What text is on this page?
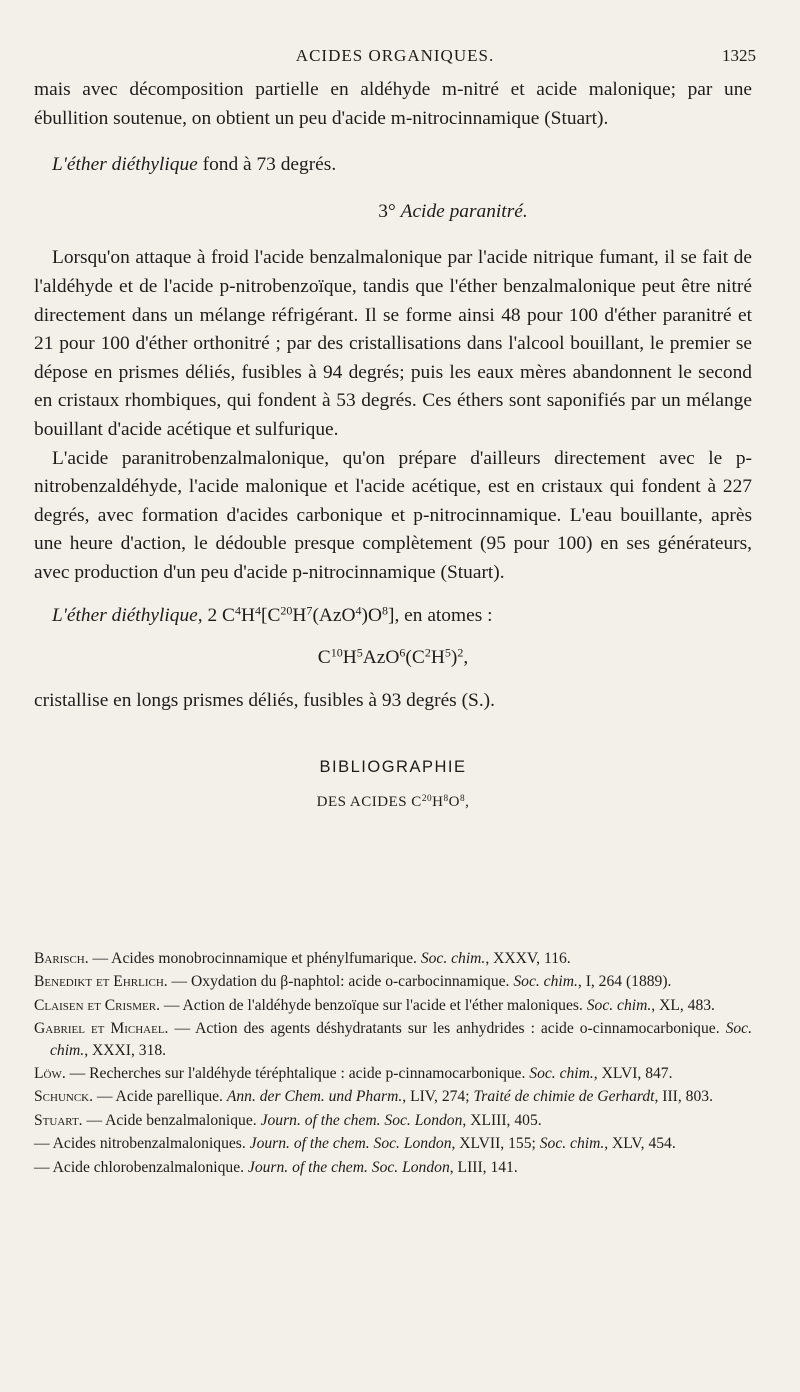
ACIDES ORGANIQUES.	1325

mais avec décomposition partielle en aldéhyde m-nitré et acide malonique; par une ébullition soutenue, on obtient un peu d'acide m-nitrocinnamique (Stuart).

L'éther diéthylique fond à 73 degrés.

3° Acide paranitré.

Lorsqu'on attaque à froid l'acide benzalmalonique par l'acide nitrique fumant, il se fait de l'aldéhyde et de l'acide p-nitrobenzoïque, tandis que l'éther benzalmalonique peut être nitré directement dans un mélange réfrigérant. Il se forme ainsi 48 pour 100 d'éther paranitré et 21 pour 100 d'éther orthonitré ; par des cristallisations dans l'alcool bouillant, le premier se dépose en prismes déliés, fusibles à 94 degrés; puis les eaux mères abandonnent le second en cristaux rhombiques, qui fondent à 53 degrés. Ces éthers sont saponifiés par un mélange bouillant d'acide acétique et sulfurique.

L'acide paranitrobenzalmalonique, qu'on prépare d'ailleurs directement avec le p-nitrobenzaldéhyde, l'acide malonique et l'acide acétique, est en cristaux qui fondent à 227 degrés, avec formation d'acides carbonique et p-nitrocinnamique. L'eau bouillante, après une heure d'action, le dédouble presque complètement (95 pour 100) en ses générateurs, avec production d'un peu d'acide p-nitrocinnamique (Stuart).

L'éther diéthylique, 2 $C^4H^4[C^{20}H^7(AzO^4)O^8]$, en atomes :

$C^{10}H^5AzO^6(C^2H^5)^2$,

cristallise en longs prismes déliés, fusibles à 93 degrés (S.).

BIBLIOGRAPHIE
DES ACIDES $C^{20}H^8O^8$,

Barisch. — Acides monobrocinnamique et phénylfumarique. Soc. chim., XXXV, 116.

Benedikt et Ehrlich. — Oxydation du β-naphtol: acide o-carbocinnamique. Soc. chim., I, 264 (1889).

Claisen et Crismer. — Action de l'aldéhyde benzoïque sur l'acide et l'éther maloniques. Soc. chim., XL, 483.

Gabriel et Michael. — Action des agents déshydratants sur les anhydrides : acide o-cinnamocarbonique. Soc. chim., XXXI, 318.

Löw. — Recherches sur l'aldéhyde téréphtalique : acide p-cinnamocarbonique. Soc. chim., XLVI, 847.

Schunck. — Acide parellique. Ann. der Chem. und Pharm., LIV, 274; Traité de chimie de Gerhardt, III, 803.

Stuart. — Acide benzalmalonique. Journ. of the chem. Soc. London, XLIII, 405.

— Acides nitrobenzalmaloniques. Journ. of the chem. Soc. London, XLVII, 155; Soc. chim., XLV, 454.

— Acide chlorobenzalmalonique. Journ. of the chem. Soc. London, LIII, 141.
